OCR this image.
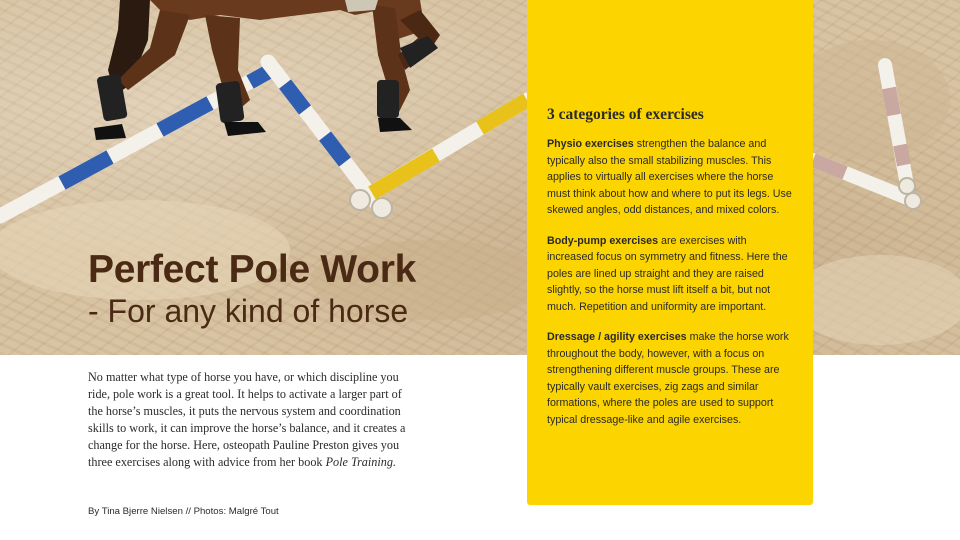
Perfect Pole Work
- For any kind of horse

No matter what type of horse you have, or which discipline you ride, pole work is a great tool. It helps to activate a larger part of the horse’s muscles, it puts the nervous system and coordination skills to work, it can improve the horse’s balance, and it creates a change for the horse. Here, osteopath Pauline Preston gives you three exercises along with advice from her book Pole Training.

By Tina Bjerre Nielsen // Photos: Malgré Tout
3 categories of exercises

Physio exercises strengthen the balance and typically also the small stabilizing muscles. This applies to virtually all exercises where the horse must think about how and where to put its legs. Use skewed angles, odd distances, and mixed colors.

Body-pump exercises are exercises with increased focus on symmetry and fitness. Here the poles are lined up straight and they are raised slightly, so the horse must lift itself a bit, but not much. Repetition and uniformity are important.

Dressage / agility exercises make the horse work throughout the body, however, with a focus on strengthening different muscle groups. These are typically vault exercises, zig zags and similar formations, where the poles are used to support typical dressage-like and agile exercises.
